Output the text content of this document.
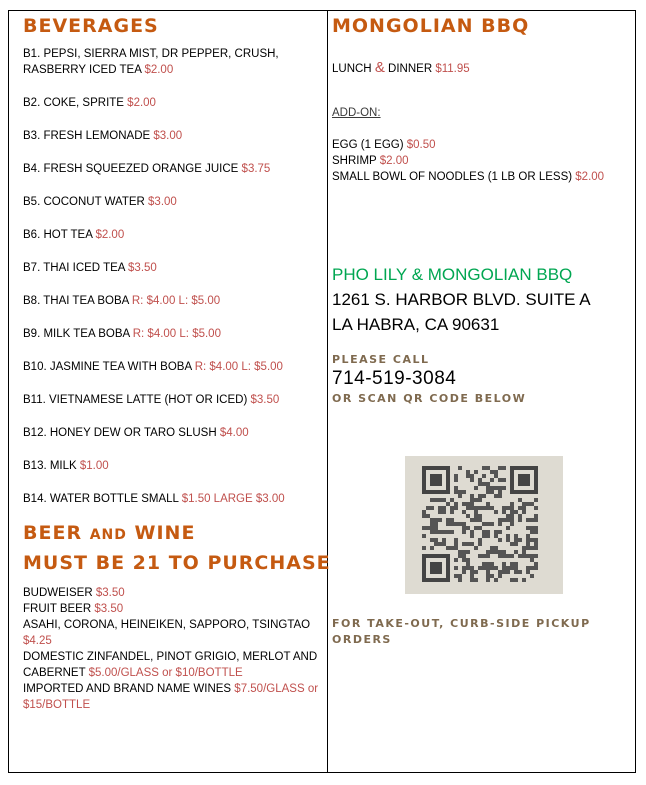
BEVERAGES

B1. PEPSI, SIERRA MIST, DR PEPPER, CRUSH, RASBERRY ICED TEA $2.00

B2. COKE, SPRITE $2.00

B3. FRESH LEMONADE $3.00

B4. FRESH SQUEEZED ORANGE JUICE $3.75

B5. COCONUT WATER $3.00

B6. HOT TEA $2.00

B7. THAI ICED TEA $3.50

B8. THAI TEA BOBA R: $4.00 L: $5.00

B9. MILK TEA BOBA R: $4.00 L: $5.00

B10. JASMINE TEA WITH BOBA R: $4.00 L: $5.00

B11. VIETNAMESE LATTE (HOT OR ICED) $3.50

B12. HONEY DEW OR TARO SLUSH $4.00

B13. MILK $1.00

B14. WATER BOTTLE SMALL $1.50 LARGE $3.00

BEER AND WINE
MUST BE 21 TO PURCHASE

BUDWEISER $3.50

FRUIT BEER $3.50

ASAHI, CORONA, HEINEIKEN, SAPPORO, TSINGTAO $4.25

DOMESTIC ZINFANDEL, PINOT GRIGIO, MERLOT AND CABERNET $5.00/GLASS or $10/BOTTLE

IMPORTED AND BRAND NAME WINES $7.50/GLASS or $15/BOTTLE

MONGOLIAN BBQ

LUNCH & DINNER $11.95

ADD-ON:

EGG (1 EGG) $0.50

SHRIMP $2.00

SMALL BOWL OF NOODLES (1 LB OR LESS) $2.00

PHO LILY & MONGOLIAN BBQ
1261 S. HARBOR BLVD. SUITE A
LA HABRA, CA 90631
PLEASE CALL
714-519-3084
OR SCAN QR CODE BELOW
FOR TAKE-OUT, CURB-SIDE PICKUP ORDERS
